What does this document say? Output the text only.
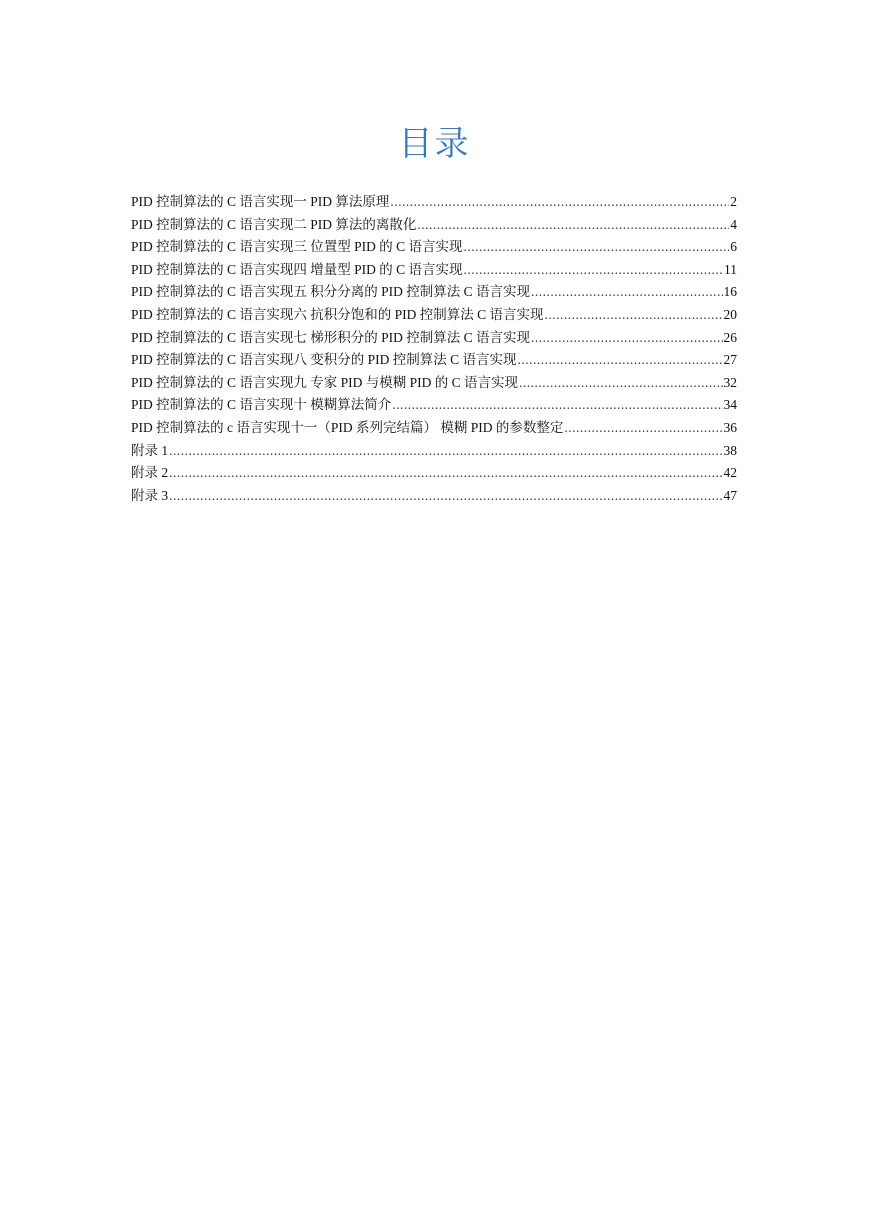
目录
PID 控制算法的 C 语言实现一 PID 算法原理 .....	2
PID 控制算法的 C 语言实现二 PID 算法的离散化 .....	4
PID 控制算法的 C 语言实现三 位置型 PID 的 C 语言实现 .....	6
PID 控制算法的 C 语言实现四 增量型 PID 的 C 语言实现 .....	11
PID 控制算法的 C 语言实现五 积分分离的 PID 控制算法 C 语言实现 .....	16
PID 控制算法的 C 语言实现六 抗积分饱和的 PID 控制算法 C 语言实现 .....	20
PID 控制算法的 C 语言实现七 梯形积分的 PID 控制算法 C 语言实现 .....	26
PID 控制算法的 C 语言实现八 变积分的 PID 控制算法 C 语言实现 .....	27
PID 控制算法的 C 语言实现九 专家 PID 与模糊 PID 的 C 语言实现 .....	32
PID 控制算法的 C 语言实现十 模糊算法简介 .....	34
PID 控制算法的 c 语言实现十一（PID 系列完结篇） 模糊 PID 的参数整定 .....	36
附录 1 .....	38
附录 2 .....	42
附录 3 .....	47
